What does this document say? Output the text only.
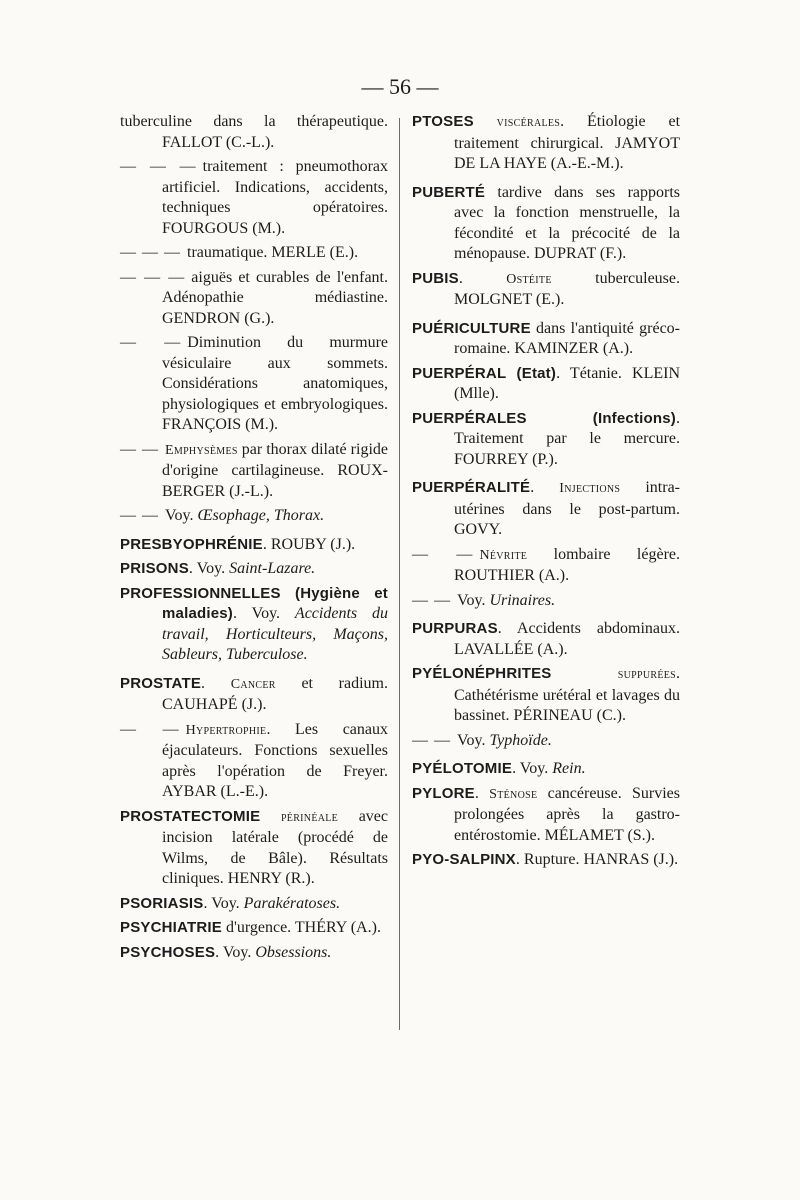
— 56 —
tuberculine dans la thérapeutique. FALLOT (C.-L.).
— — — traitement : pneumothorax artificiel. Indications, accidents, techniques opératoires. FOURGOUS (M.).
— — — traumatique. MERLE (E.).
— — — aiguës et curables de l'enfant. Adénopathie médiastine. GENDRON (G.).
— — Diminution du murmure vésiculaire aux sommets. Considérations anatomiques, physiologiques et embryologiques. FRANÇOIS (M.).
— — Emphysèmes par thorax dilaté rigide d'origine cartilagineuse. ROUX-BERGER (J.-L.).
— — Voy. Œsophage, Thorax.
PRESBYOPHRÉNIE. ROUBY (J.).
PRISONS. Voy. Saint-Lazare.
PROFESSIONNELLES (Hygiène et maladies). Voy. Accidents du travail, Horticulteurs, Maçons, Sableurs, Tuberculose.
PROSTATE. Cancer et radium. CAUHAPÉ (J.).
— — Hypertrophie. Les canaux éjaculateurs. Fonctions sexuelles après l'opération de Freyer. AYBAR (L.-E.).
PROSTATECTOMIE périnéale avec incision latérale (procédé de Wilms, de Bâle). Résultats cliniques. HENRY (R.).
PSORIASIS. Voy. Parakératoses.
PSYCHIATRIE d'urgence. THÉRY (A.).
PSYCHOSES. Voy. Obsessions.
PTOSES viscérales. Étiologie et traitement chirurgical. JAMYOT DE LA HAYE (A.-E.-M.).
PUBERTÉ tardive dans ses rapports avec la fonction menstruelle, la fécondité et la précocité de la ménopause. DUPRAT (F.).
PUBIS. Ostéite tuberculeuse. MOLGNET (E.).
PUÉRICULTURE dans l'antiquité gréco-romaine. KAMINZER (A.).
PUERPÉRAL (Etat). Tétanie. KLEIN (Mlle).
PUERPÉRALES (Infections). Traitement par le mercure. FOURREY (P.).
PUERPÉRALITÉ. Injections intra-utérines dans le post-partum. GOVY.
— — Névrite lombaire légère. ROUTHIER (A.).
— — Voy. Urinaires.
PURPURAS. Accidents abdominaux. LAVALLÉE (A.).
PYÉLONÉPHRITES	suppurées. Cathétérisme urétéral et lavages du bassinet. PÉRINEAU (C.).
— — Voy. Typhoïde.
PYÉLOTOMIE. Voy. Rein.
PYLORE. Sténose cancéreuse. Survies prolongées après la gastro-entérostomie. MÉLAMET (S.).
PYO-SALPINX. Rupture. HANRAS (J.).
